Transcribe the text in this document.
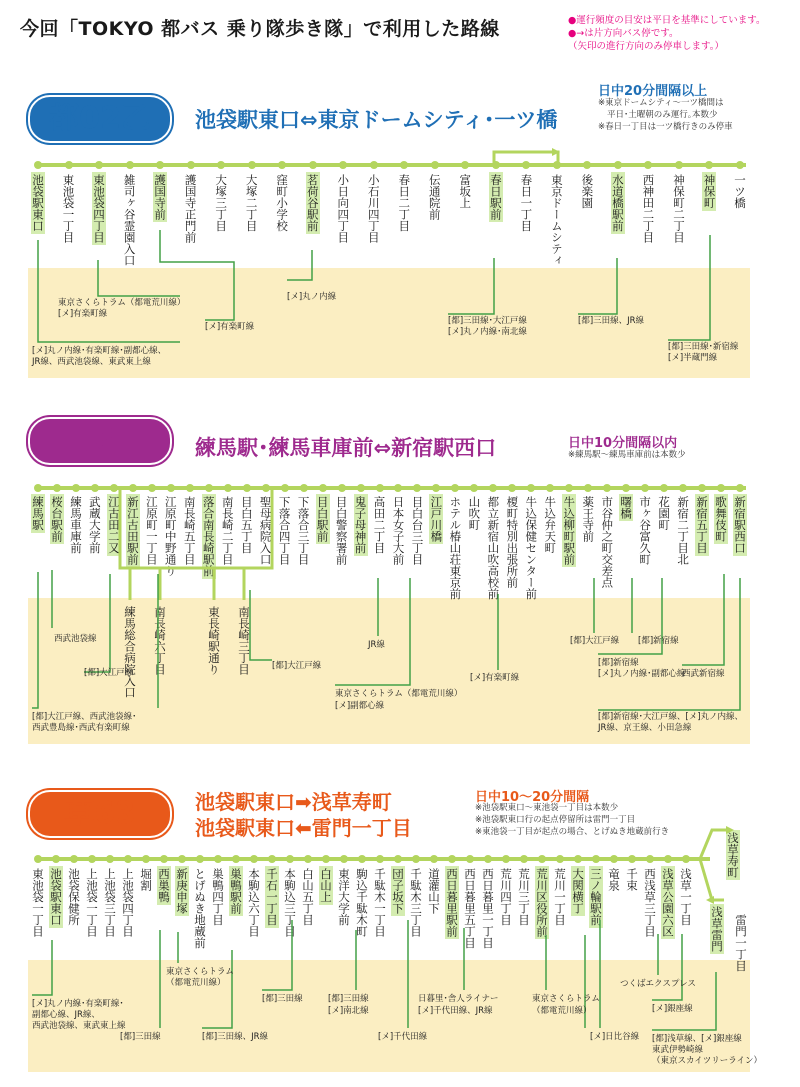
今回「TOKYO 都バス 乗り隊歩き隊」で利用した路線	●運行頻度の目安は平日を基準にしています。
●→は片方向バス停です。
（矢印の進行方向のみ停車します。）
都02乙	池袋駅東口⇔東京ドームシティ･一ツ橋
日中20分間隔以上
※東京ドームシティ〜一ツ橋間は
平日･土曜朝のみ運行｡本数少
※春日一丁目は一ツ橋行きのみ停車
池袋駅東口 東池袋一丁目 東池袋四丁目 雑司ヶ谷霊園入口 護国寺前 護国寺正門前 大塚三丁目 大塚二丁目 窪町小学校 茗荷谷駅前 小日向四丁目 小石川四丁目 春日二丁目 伝通院前 富坂上 春日駅前 春日一丁目 東京ドームシティ 後楽園 水道橋駅前 西神田二丁目 神保町二丁目 神保町 一ツ橋
東京さくらトラム（都電荒川線）
[メ]有楽町線
[メ]有楽町線
[メ]丸ノ内線
[メ]丸ノ内線･有楽町線･副都心線、
JR線、西武池袋線、東武東上線
[都]三田線･大江戸線
[メ]丸ノ内線･南北線
[都]三田線、JR線
[都]三田線･新宿線
[メ]半蔵門線
白61	練馬駅･練馬車庫前⇔新宿駅西口	日中10分間隔以内
※練馬駅〜練馬車庫前は本数少
練馬駅 桜台駅前 練馬車庫前 武蔵大学前 江古田二又 新江古田駅前 江原町一丁目 江原町中野通り 南長崎五丁目 落合南長崎駅前 南長崎二丁目 目白五丁目 聖母病院入口 下落合四丁目 下落合三丁目 目白駅前 目白警察署前 鬼子母神前 高田二丁目 日本女子大前 目白台三丁目 江戸川橋 ホテル椿山荘東京前 山吹町 都立新宿山吹高校前 榎町特別出張所前 牛込保健センター前 牛込弁天町 牛込柳町駅前 薬王寺前 市谷仲之町交差点 曙橋 市ヶ谷富久町 花園町 新宿二丁目北 新宿五丁目 歌舞伎町 新宿駅西口
練馬総合病院入口 南長崎六丁目	東長崎駅通り 南長崎三丁目
西武池袋線
[都]大江戸線
[都]大江戸線
[都]大江戸線、西武池袋線･
西武豊島線･西武有楽町線
JR線
東京さくらトラム（都電荒川線）
[メ]副都心線
[メ]有楽町線
[都]大江戸線 [都]新宿線
[都]新宿線
[メ]丸ノ内線･副都心線
西武新宿線
[都]新宿線･大江戸線、[メ]丸ノ内線、
JR線、京王線、小田急線
草63	池袋駅東口➡浅草寿町
池袋駅東口⬅雷門一丁目
日中10〜20分間隔
※池袋駅東口〜東池袋一丁目は本数少
※池袋駅東口行の起点停留所は雷門一丁目
※東池袋一丁目が起点の場合、とげぬき地蔵前行き
東池袋一丁目 池袋駅東口 池袋保健所 上池袋一丁目 上池袋三丁目 上池袋四丁目 堀割 西巣鴨 新庚申塚 とげぬき地蔵前 巣鴨四丁目 巣鴨駅前 本駒込六丁目 千石一丁目 本駒込三丁目 白山五丁目 白山上 東洋大学前 駒込千駄木町 千駄木一丁目 団子坂下 千駄木三丁目 道灌山下 西日暮里駅前 西日暮里五丁目 西日暮里一丁目 荒川四丁目 荒川三丁目 荒川区役所前 荒川一丁目 大関横丁 三ノ輪駅前 竜泉 千束 西浅草三丁目 浅草公園六区 浅草一丁目
浅草寿町
浅草雷門 雷門一丁目
[メ]丸ノ内線･有楽町線･
副都心線、JR線、
西武池袋線、東武東上線
東京さくらトラム
（都電荒川線）
[都]三田線	[都]三田線、JR線
[都]三田線	[都]三田線
[メ]南北線
[メ]千代田線
日暮里･舎人ライナー
[メ]千代田線、JR線
東京さくらトラム
（都電荒川線）
[メ]日比谷線
つくばエクスプレス
[メ]銀座線
[都]浅草線、[メ]銀座線
東武伊勢崎線
（東京スカイツリーライン）
